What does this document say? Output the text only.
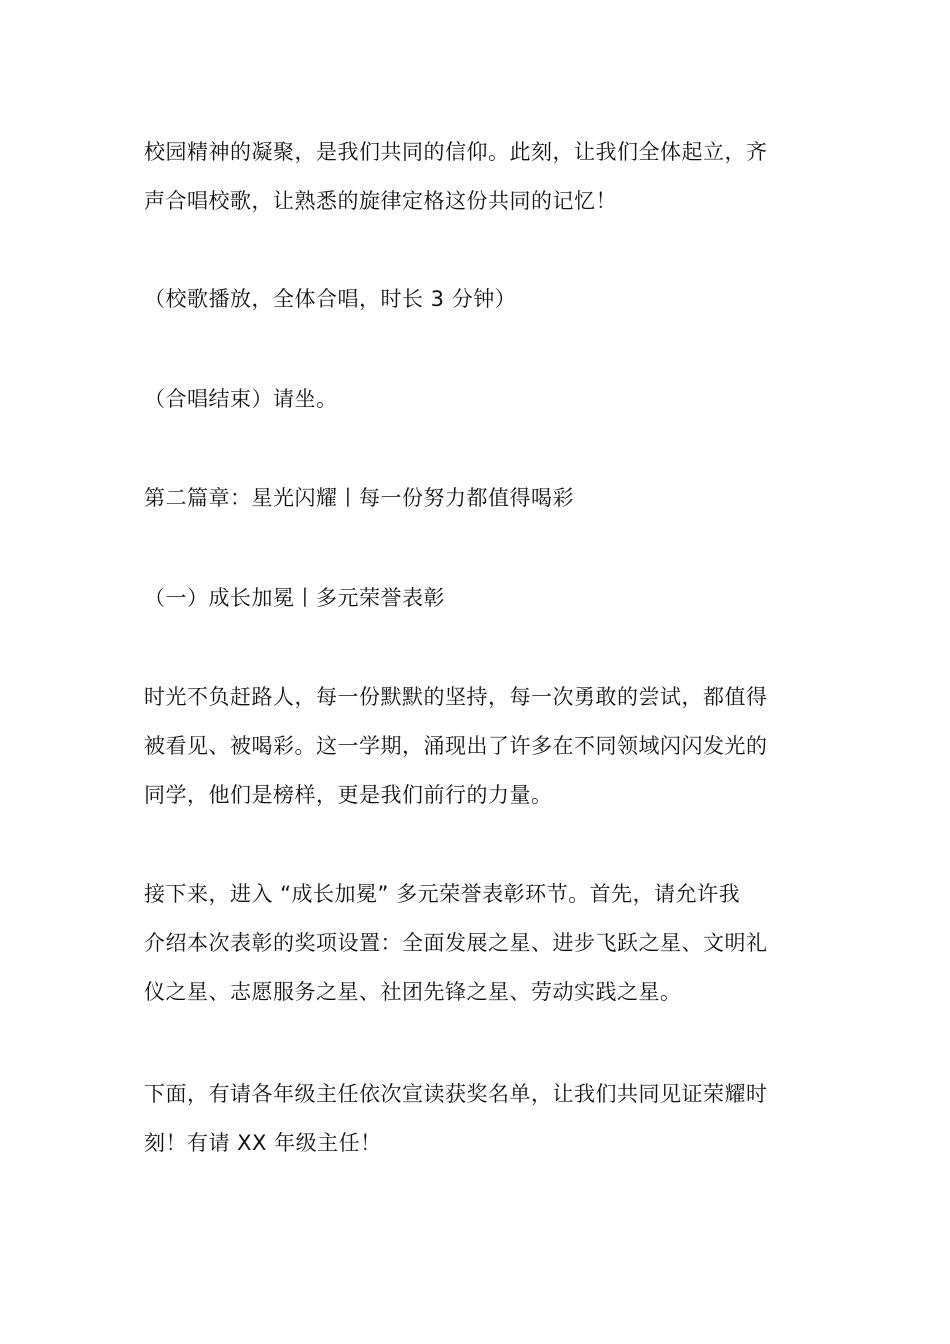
校园精神的凝聚，是我们共同的信仰。此刻，让我们全体起立，齐
声合唱校歌，让熟悉的旋律定格这份共同的记忆！

（校歌播放，全体合唱，时长 3 分钟）

（合唱结束）请坐。

第二篇章：星光闪耀丨每一份努力都值得喝彩

（一）成长加冕丨多元荣誉表彰

时光不负赶路人，每一份默默的坚持，每一次勇敢的尝试，都值得
被看见、被喝彩。这一学期，涌现出了许多在不同领域闪闪发光的
同学，他们是榜样，更是我们前行的力量。

接下来，进入 “成长加冕” 多元荣誉表彰环节。首先，请允许我
介绍本次表彰的奖项设置：全面发展之星、进步飞跃之星、文明礼
仪之星、志愿服务之星、社团先锋之星、劳动实践之星。

下面，有请各年级主任依次宣读获奖名单，让我们共同见证荣耀时
刻！有请 XX 年级主任！
